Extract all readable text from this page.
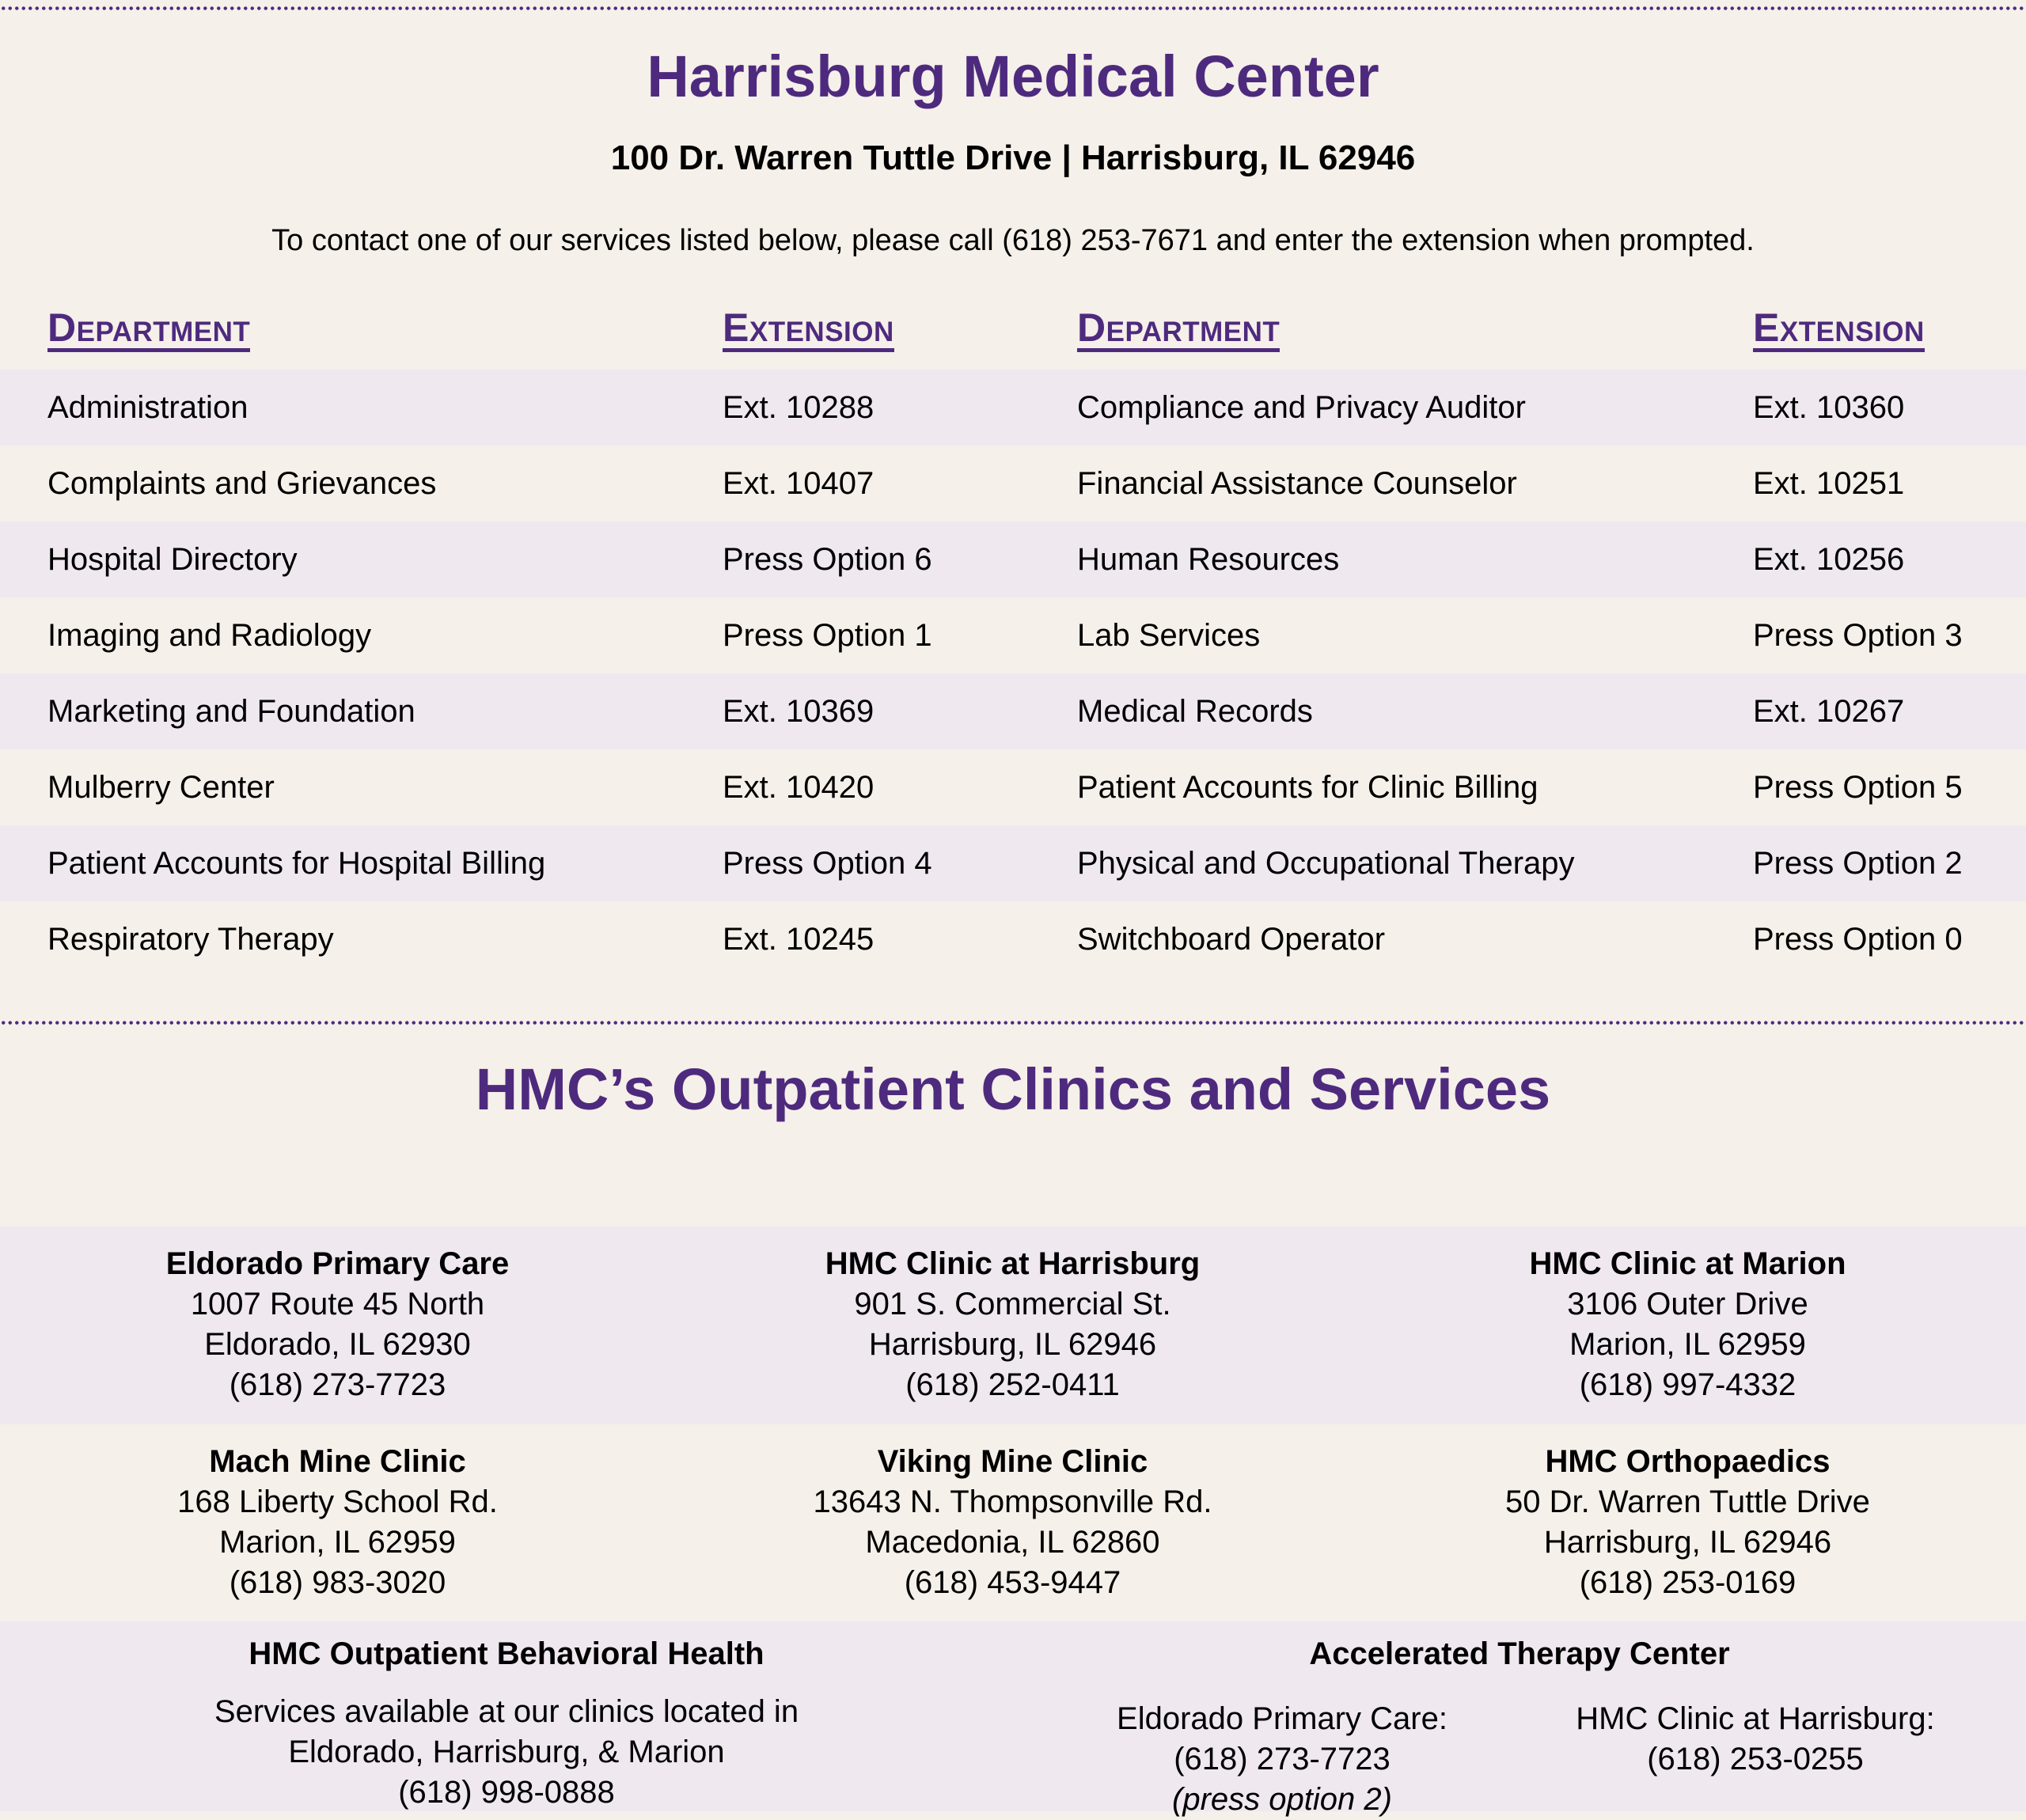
Harrisburg Medical Center
100 Dr. Warren Tuttle Drive | Harrisburg, IL 62946
To contact one of our services listed below, please call (618) 253-7671 and enter the extension when prompted.
Department	Extension	Department	Extension
Administration	Ext. 10288	Compliance and Privacy Auditor	Ext. 10360
Complaints and Grievances	Ext. 10407	Financial Assistance Counselor	Ext. 10251
Hospital Directory	Press Option 6	Human Resources	Ext. 10256
Imaging and Radiology	Press Option 1	Lab Services	Press Option 3
Marketing and Foundation	Ext. 10369	Medical Records	Ext. 10267
Mulberry Center	Ext. 10420	Patient Accounts for Clinic Billing	Press Option 5
Patient Accounts for Hospital Billing	Press Option 4	Physical and Occupational Therapy	Press Option 2
Respiratory Therapy	Ext. 10245	Switchboard Operator	Press Option 0
HMC’s Outpatient Clinics and Services
Eldorado Primary Care
1007 Route 45 North
Eldorado, IL 62930
(618) 273-7723
HMC Clinic at Harrisburg
901 S. Commercial St.
Harrisburg, IL 62946
(618) 252-0411
HMC Clinic at Marion
3106 Outer Drive
Marion, IL 62959
(618) 997-4332
Mach Mine Clinic
168 Liberty School Rd.
Marion, IL 62959
(618) 983-3020
Viking Mine Clinic
13643 N. Thompsonville Rd.
Macedonia, IL 62860
(618) 453-9447
HMC Orthopaedics
50 Dr. Warren Tuttle Drive
Harrisburg, IL 62946
(618) 253-0169
HMC Outpatient Behavioral Health
Services available at our clinics located in
Eldorado, Harrisburg, & Marion
(618) 998-0888
Accelerated Therapy Center
Eldorado Primary Care:
(618) 273-7723
(press option 2)
HMC Clinic at Harrisburg:
(618) 253-0255
